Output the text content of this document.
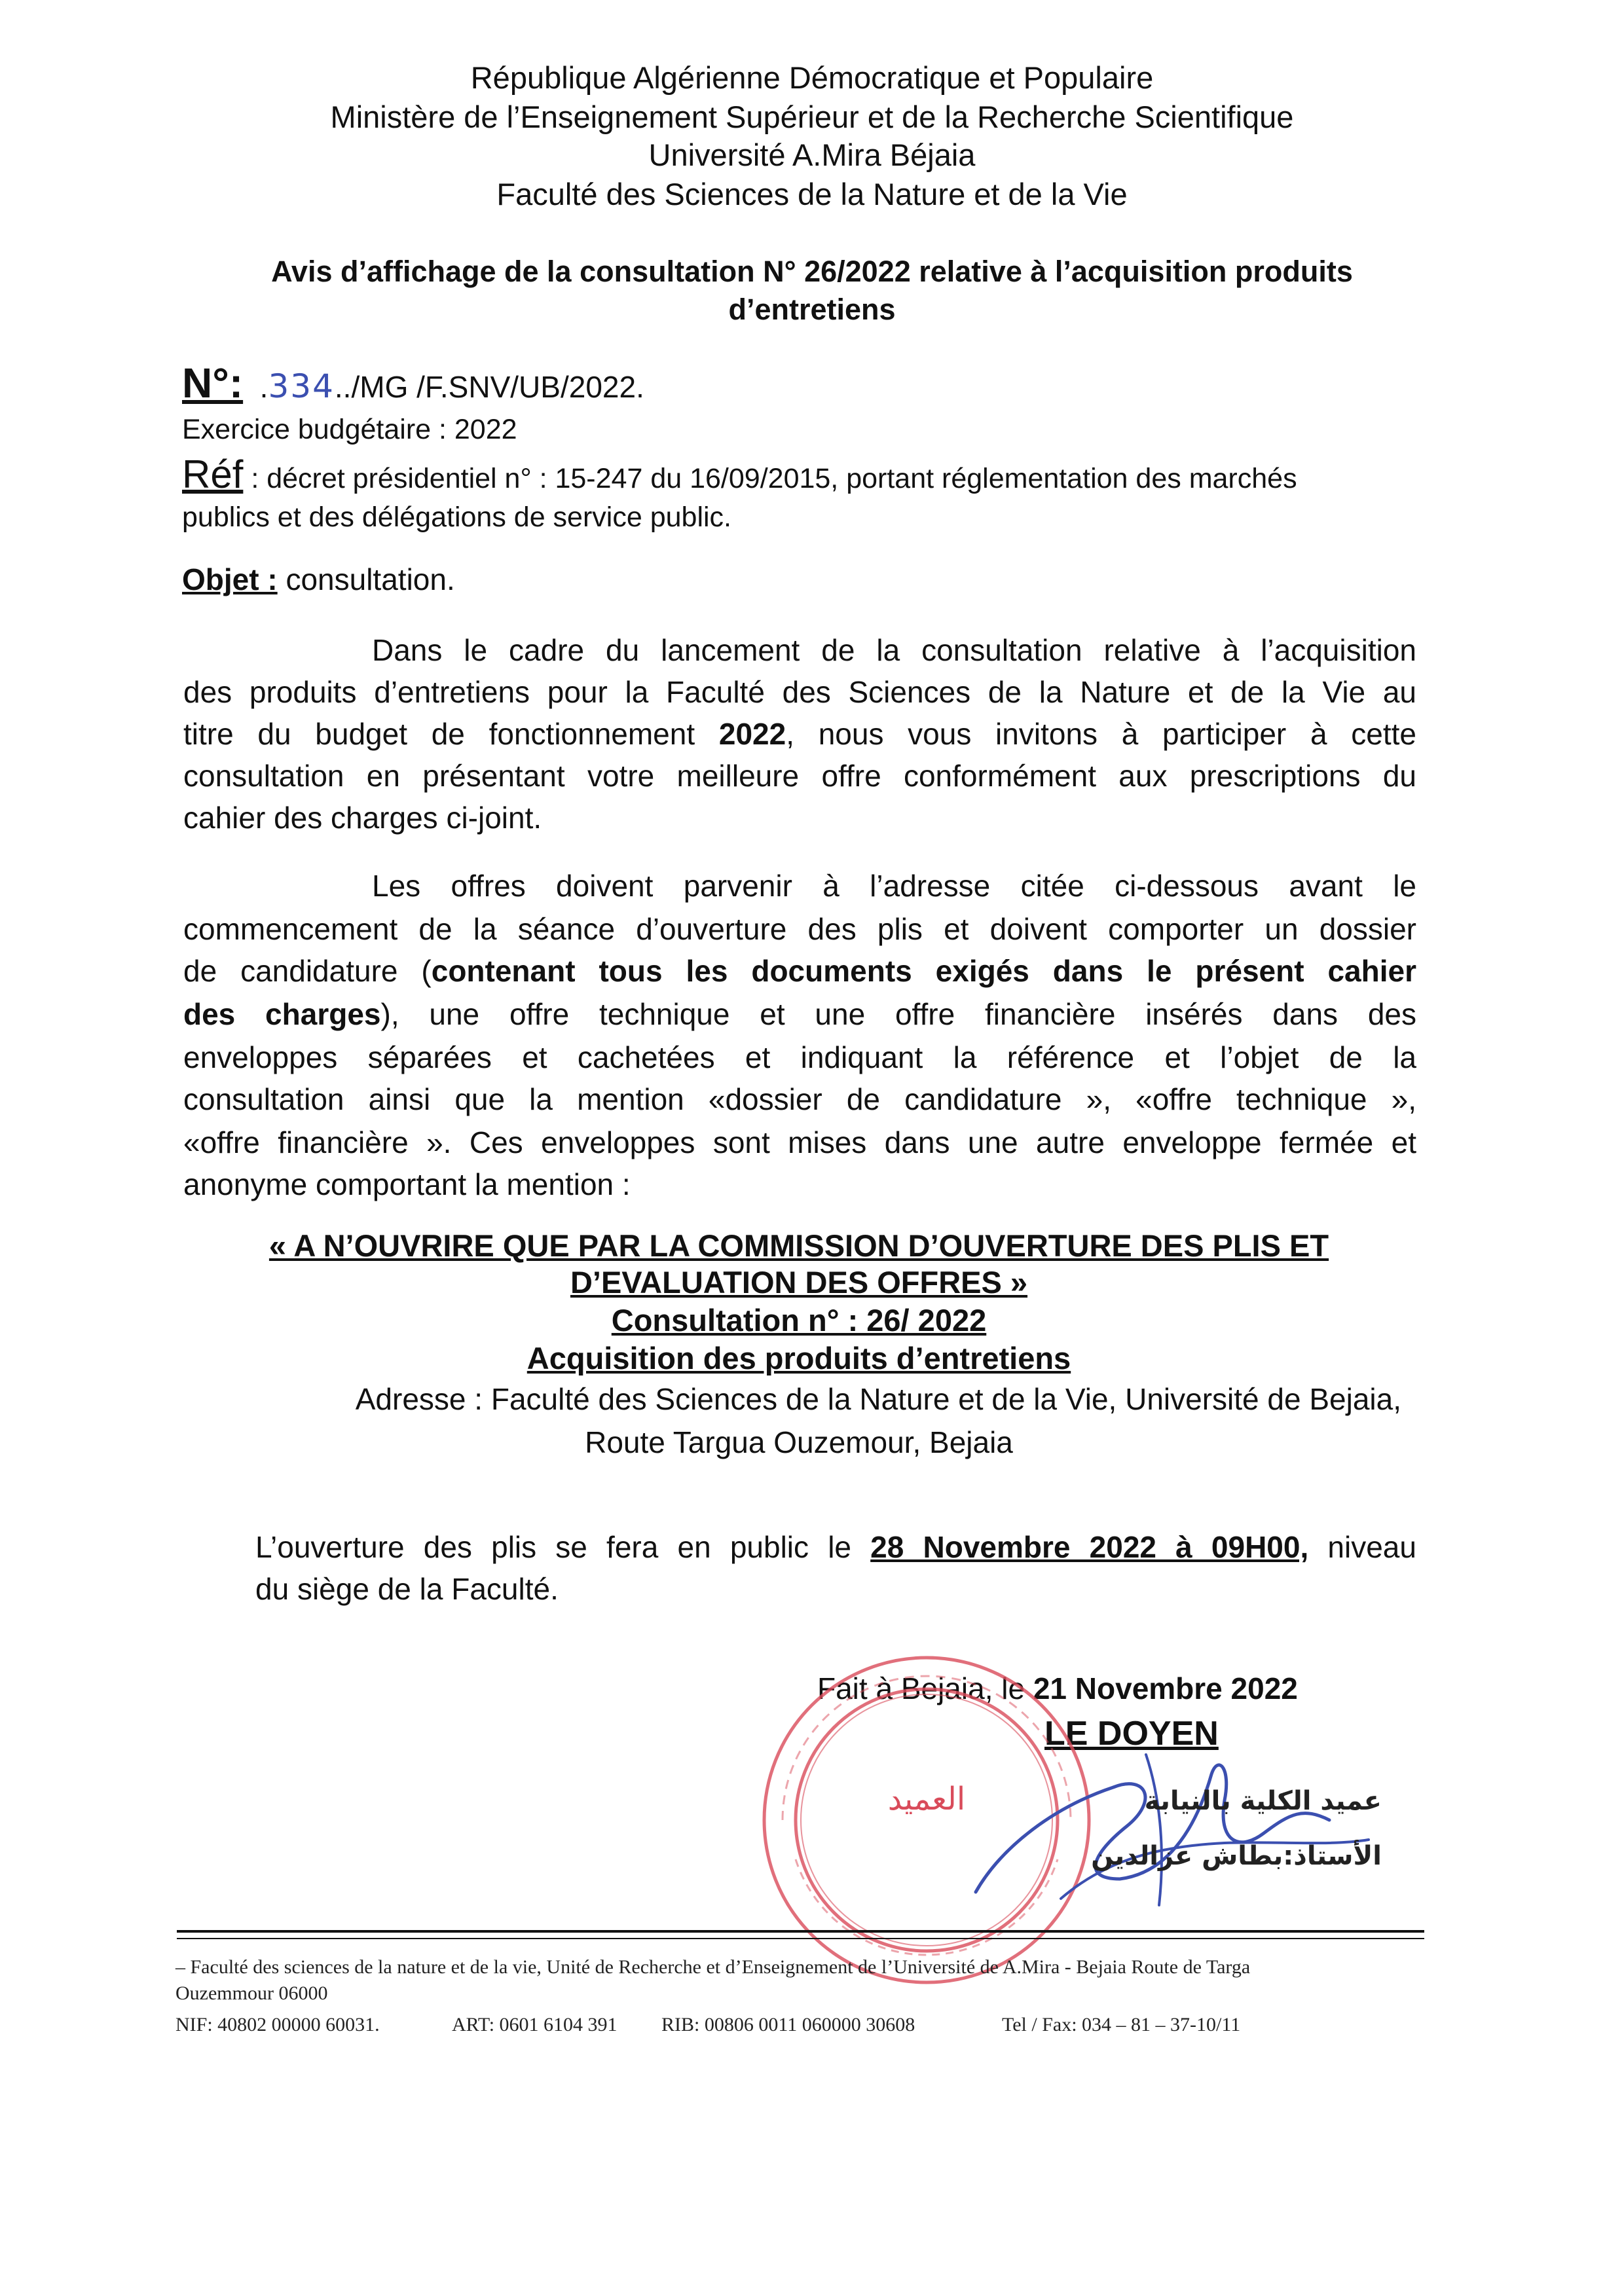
République Algérienne Démocratique et Populaire
Ministère de l’Enseignement Supérieur et de la Recherche Scientifique
Université A.Mira Béjaia
Faculté des Sciences de la Nature et de la Vie
Avis d’affichage de la consultation N° 26/2022 relative à l’acquisition produits
d’entretiens
N°:  .334../MG /F.SNV/UB/2022.
Exercice budgétaire : 2022
Réf : décret présidentiel n° : 15-247 du 16/09/2015, portant réglementation des marchés
publics et des délégations de service public.
Objet : consultation.
Dans le cadre du lancement de la consultation relative à l’acquisition
des produits d’entretiens pour la Faculté des Sciences de la Nature et de la Vie au
titre du budget de fonctionnement 2022, nous vous invitons à participer à cette
consultation en présentant votre meilleure offre conformément aux prescriptions du
cahier des charges ci-joint.
Les offres doivent parvenir à l’adresse citée ci-dessous avant le
commencement de la séance d’ouverture des plis et doivent comporter un dossier
de candidature (contenant tous les documents exigés dans le présent cahier
des charges), une offre technique et une offre financière insérés dans des
enveloppes séparées et cachetées et indiquant la référence et l’objet de la
consultation ainsi que la mention «dossier de candidature », «offre technique »,
«offre financière ». Ces enveloppes sont mises dans une autre enveloppe fermée et
anonyme comportant la mention :
« A N’OUVRIRE QUE PAR LA COMMISSION D’OUVERTURE DES PLIS ET
D’EVALUATION DES OFFRES »
Consultation n° : 26/ 2022
Acquisition des produits d’entretiens
Adresse : Faculté des Sciences de la Nature et de la Vie, Université de Bejaia,
Route Targua Ouzemour, Bejaia
L’ouverture des plis se fera en public le 28 Novembre 2022 à 09H00, niveau
du siège de la Faculté.
Fait à Bejaia, le 21 Novembre 2022
LE DOYEN
العميد	عميد الكلية بالنيابة
الأستاذ:بطاش عزالدين
– Faculté des sciences de la nature et de la vie, Unité de Recherche et d’Enseignement de l’Université de A.Mira - Bejaia Route de Targa
Ouzemmour 06000
NIF: 40802 00000 60031.	ART: 0601 6104 391 RIB: 00806 0011 060000 30608	Tel / Fax: 034 – 81 – 37-10/11
